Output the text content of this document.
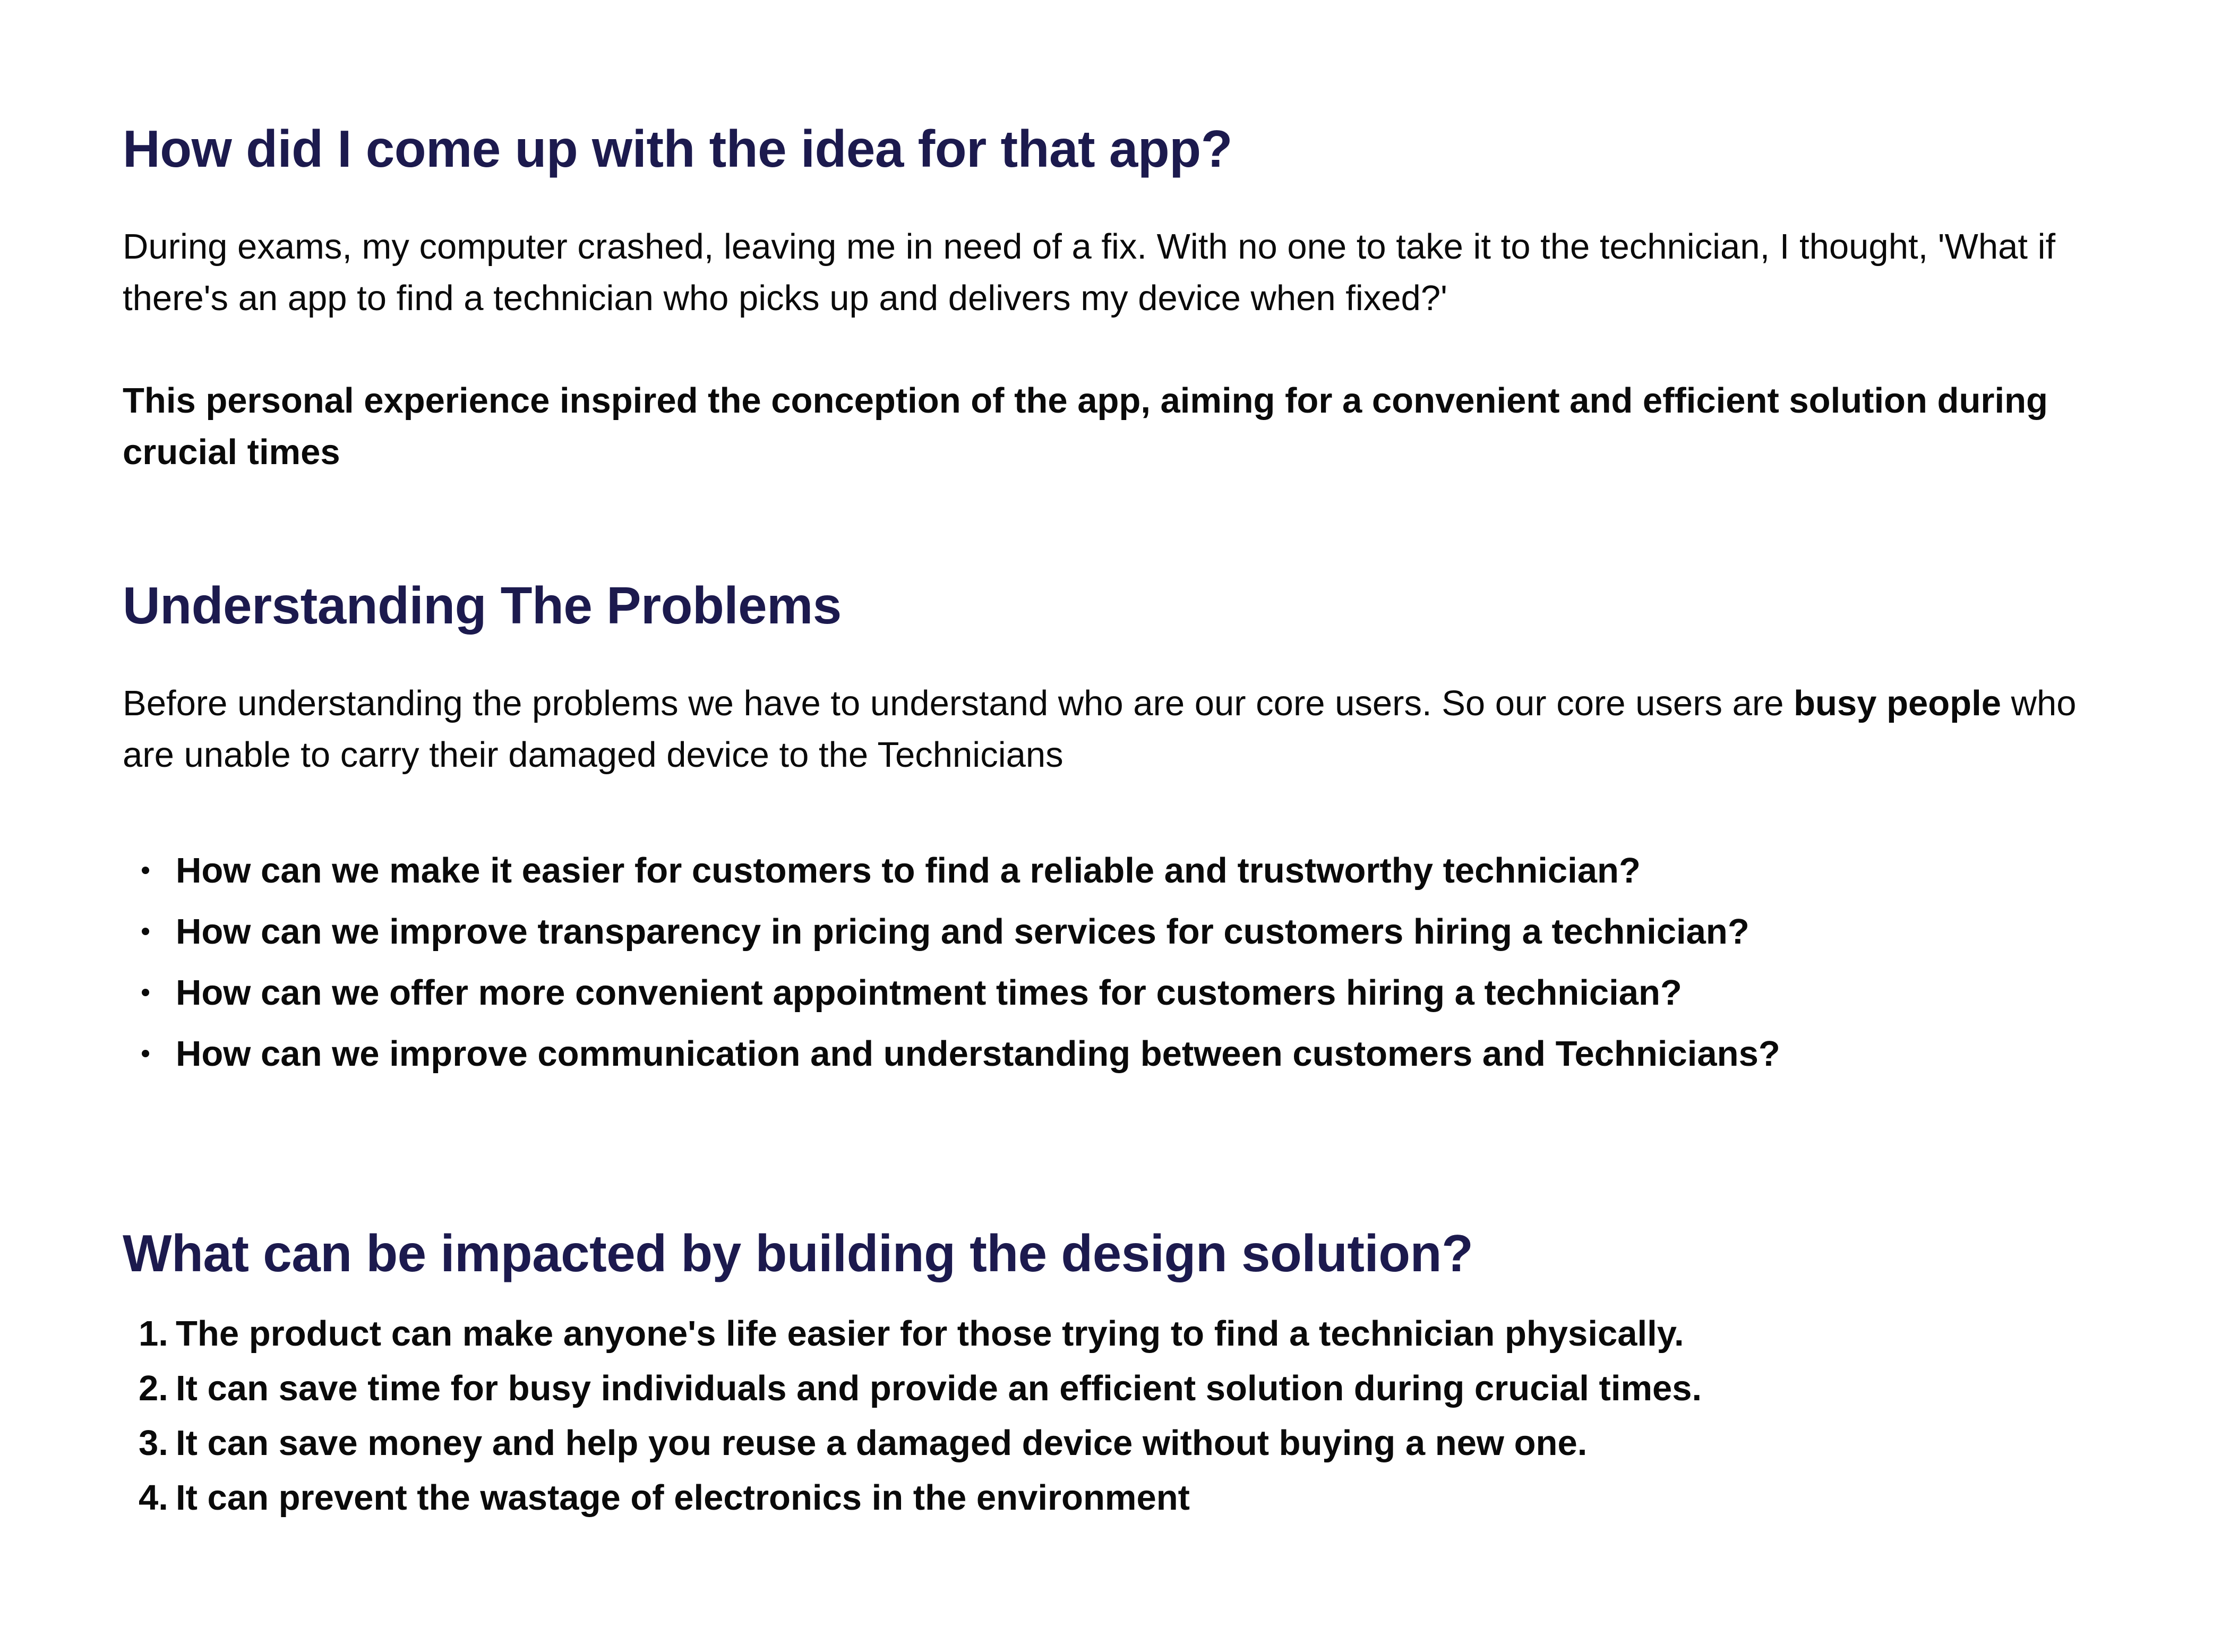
How did I come up with the idea for that app?

During exams, my computer crashed, leaving me in need of a fix. With no one to take it to the technician, I thought, 'What if there's an app to find a technician who picks up and delivers my device when fixed?'

This personal experience inspired the conception of the app, aiming for a convenient and efficient solution during crucial times

Understanding The Problems

Before understanding the problems we have to understand who are our core users. So our core users are busy people who are unable to carry their damaged device to the Technicians

How can we make it easier for customers to find a reliable and trustworthy technician?
How can we improve transparency in pricing and services for customers hiring a technician?
How can we offer more convenient appointment times for customers hiring a technician?
How can we improve communication and understanding between customers and Technicians?
What can be impacted by building the design solution?
1. The product can make anyone's life easier for those trying to find a technician physically.
2. It can save time for busy individuals and provide an efficient solution during crucial times.
3. It can save money and help you reuse a damaged device without buying a new one.
4. It can prevent the wastage of electronics in the environment
